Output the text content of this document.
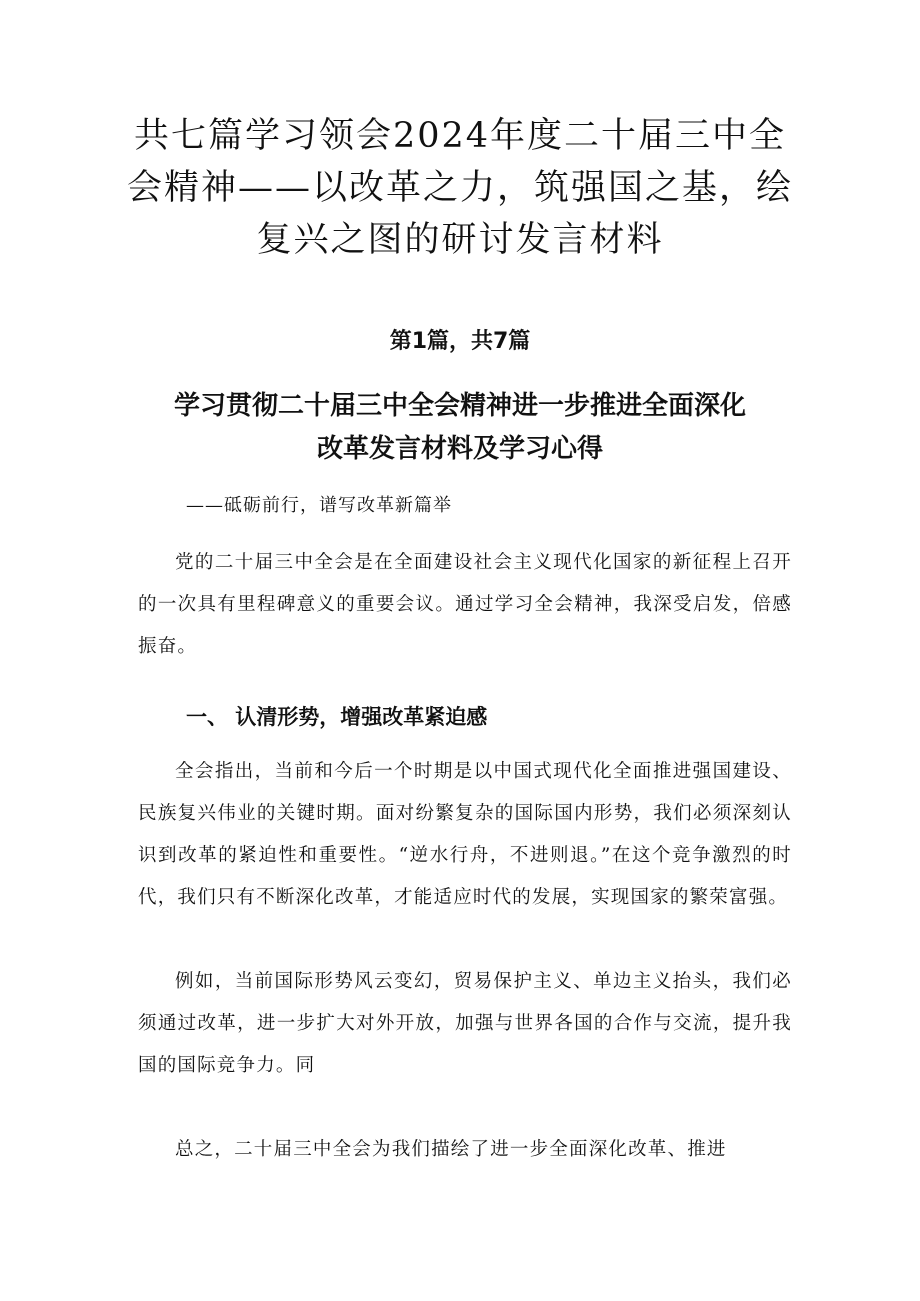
共七篇学习领会2024年度二十届三中全会精神——以改革之力，筑强国之基，绘复兴之图的研讨发言材料
第1篇，共7篇
学习贯彻二十届三中全会精神进一步推进全面深化改革发言材料及学习心得
——砥砺前行，谱写改革新篇举

党的二十届三中全会是在全面建设社会主义现代化国家的新征程上召开的一次具有里程碑意义的重要会议。通过学习全会精神，我深受启发，倍感振奋。

一、 认清形势，增强改革紧迫感

全会指出，当前和今后一个时期是以中国式现代化全面推进强国建设、民族复兴伟业的关键时期。面对纷繁复杂的国际国内形势，我们必须深刻认识到改革的紧迫性和重要性。“逆水行舟，不进则退。”在这个竞争激烈的时代，我们只有不断深化改革，才能适应时代的发展，实现国家的繁荣富强。

例如，当前国际形势风云变幻，贸易保护主义、单边主义抬头，我们必须通过改革，进一步扩大对外开放，加强与世界各国的合作与交流，提升我国的国际竞争力。同

总之，二十届三中全会为我们描绘了进一步全面深化改革、推进
